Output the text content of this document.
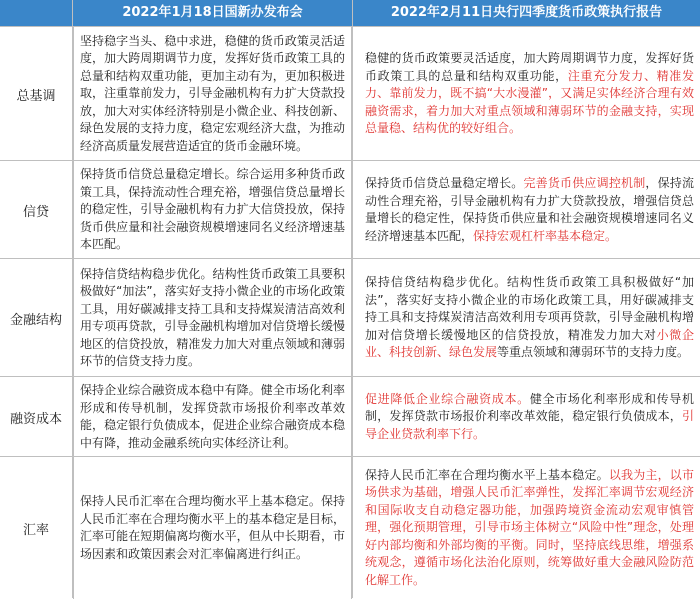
2022年1月18日国新办发布会	2022年2月11日央行四季度货币政策执行报告
总基调

坚持稳字当头、稳中求进，稳健的货币政策灵活适度，加大跨周期调节力度，发挥好货币政策工具的总量和结构双重功能，更加主动有为，更加积极进取，注重靠前发力，引导金融机构有力扩大贷款投放，加大对实体经济特别是小微企业、科技创新、绿色发展的支持力度，稳定宏观经济大盘，为推动经济高质量发展营造适宜的货币金融环境。

稳健的货币政策要灵活适度，加大跨周期调节力度，发挥好货币政策工具的总量和结构双重功能，注重充分发力、精准发力、靠前发力，既不搞“大水漫灌”，又满足实体经济合理有效融资需求，着力加大对重点领域和薄弱环节的金融支持，实现总量稳、结构优的较好组合。

信贷

保持货币信贷总量稳定增长。综合运用多种货币政策工具，保持流动性合理充裕，增强信贷总量增长的稳定性，引导金融机构有力扩大信贷投放，保持货币供应量和社会融资规模增速同名义经济增速基本匹配。

保持货币信贷总量稳定增长。完善货币供应调控机制，保持流动性合理充裕，引导金融机构有力扩大贷款投放，增强信贷总量增长的稳定性，保持货币供应量和社会融资规模增速同名义经济增速基本匹配，保持宏观杠杆率基本稳定。

金融结构

保持信贷结构稳步优化。结构性货币政策工具要积极做好“加法”，落实好支持小微企业的市场化政策工具，用好碳减排支持工具和支持煤炭清洁高效利用专项再贷款，引导金融机构增加对信贷增长缓慢地区的信贷投放，精准发力加大对重点领域和薄弱环节的信贷支持力度。

保持信贷结构稳步优化。结构性货币政策工具积极做好“加法”，落实好支持小微企业的市场化政策工具，用好碳减排支持工具和支持煤炭清洁高效利用专项再贷款，引导金融机构增加对信贷增长缓慢地区的信贷投放，精准发力加大对小微企业、科技创新、绿色发展等重点领域和薄弱环节的支持力度。

融资成本

保持企业综合融资成本稳中有降。健全市场化利率形成和传导机制，发挥贷款市场报价利率改革效能，稳定银行负债成本，促进企业综合融资成本稳中有降，推动金融系统向实体经济让利。

促进降低企业综合融资成本。健全市场化利率形成和传导机制，发挥贷款市场报价利率改革效能，稳定银行负债成本，引导企业贷款利率下行。

汇率

保持人民币汇率在合理均衡水平上基本稳定。保持人民币汇率在合理均衡水平上的基本稳定是目标，汇率可能在短期偏离均衡水平，但从中长期看，市场因素和政策因素会对汇率偏离进行纠正。

保持人民币汇率在合理均衡水平上基本稳定。以我为主，以市场供求为基础，增强人民币汇率弹性，发挥汇率调节宏观经济和国际收支自动稳定器功能，加强跨境资金流动宏观审慎管理，强化预期管理，引导市场主体树立“风险中性”理念，处理好内部均衡和外部均衡的平衡。同时，坚持底线思维，增强系统观念，遵循市场化法治化原则，统筹做好重大金融风险防范化解工作。
